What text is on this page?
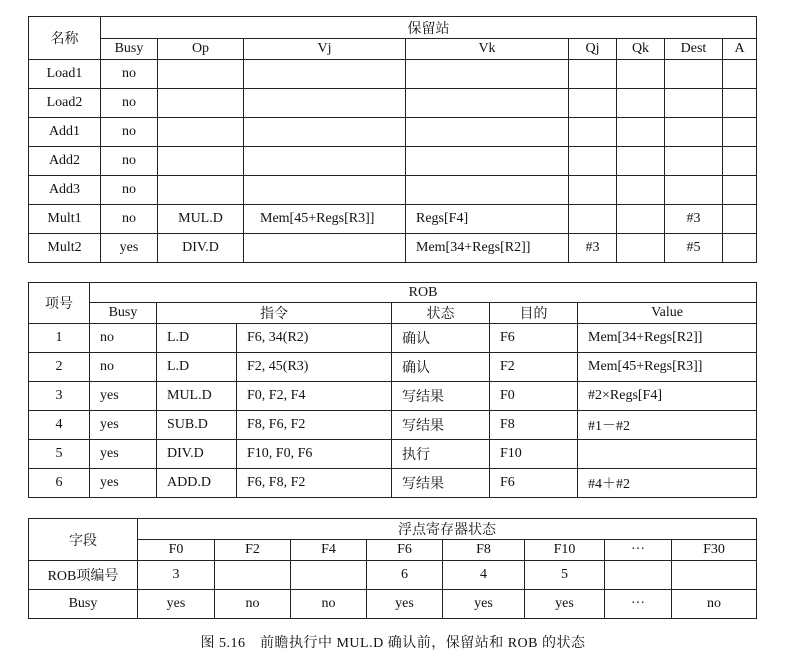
名称	保留站							
	Busy	Op	Vj	Vk	Qj	Qk	Dest	A
Load1	no							
Load2	no							
Add1	no							
Add2	no							
Add3	no							
Mult1	no	MUL.D	Mem[45+Regs[R3]]	Regs[F4]			#3	
Mult2	yes	DIV.D		Mem[34+Regs[R2]]	#3		#5	
项号	ROB					
	Busy	指令		状态	目的	Value
1	no	L.D	F6, 34(R2)	确认	F6	Mem[34+Regs[R2]]
2	no	L.D	F2, 45(R3)	确认	F2	Mem[45+Regs[R3]]
3	yes	MUL.D	F0, F2, F4	写结果	F0	#2×Regs[F4]
4	yes	SUB.D	F8, F6, F2	写结果	F8	#1－#2
5	yes	DIV.D	F10, F0, F6	执行	F10	
6	yes	ADD.D	F6, F8, F2	写结果	F6	#4＋#2
字段	浮点寄存器状态							
	F0	F2	F4	F6	F8	F10	···	F30
ROB项编号	3			6	4	5		
Busy	yes	no	no	yes	yes	yes	···	no
图 5.16　前瞻执行中 MUL.D 确认前，保留站和 ROB 的状态
